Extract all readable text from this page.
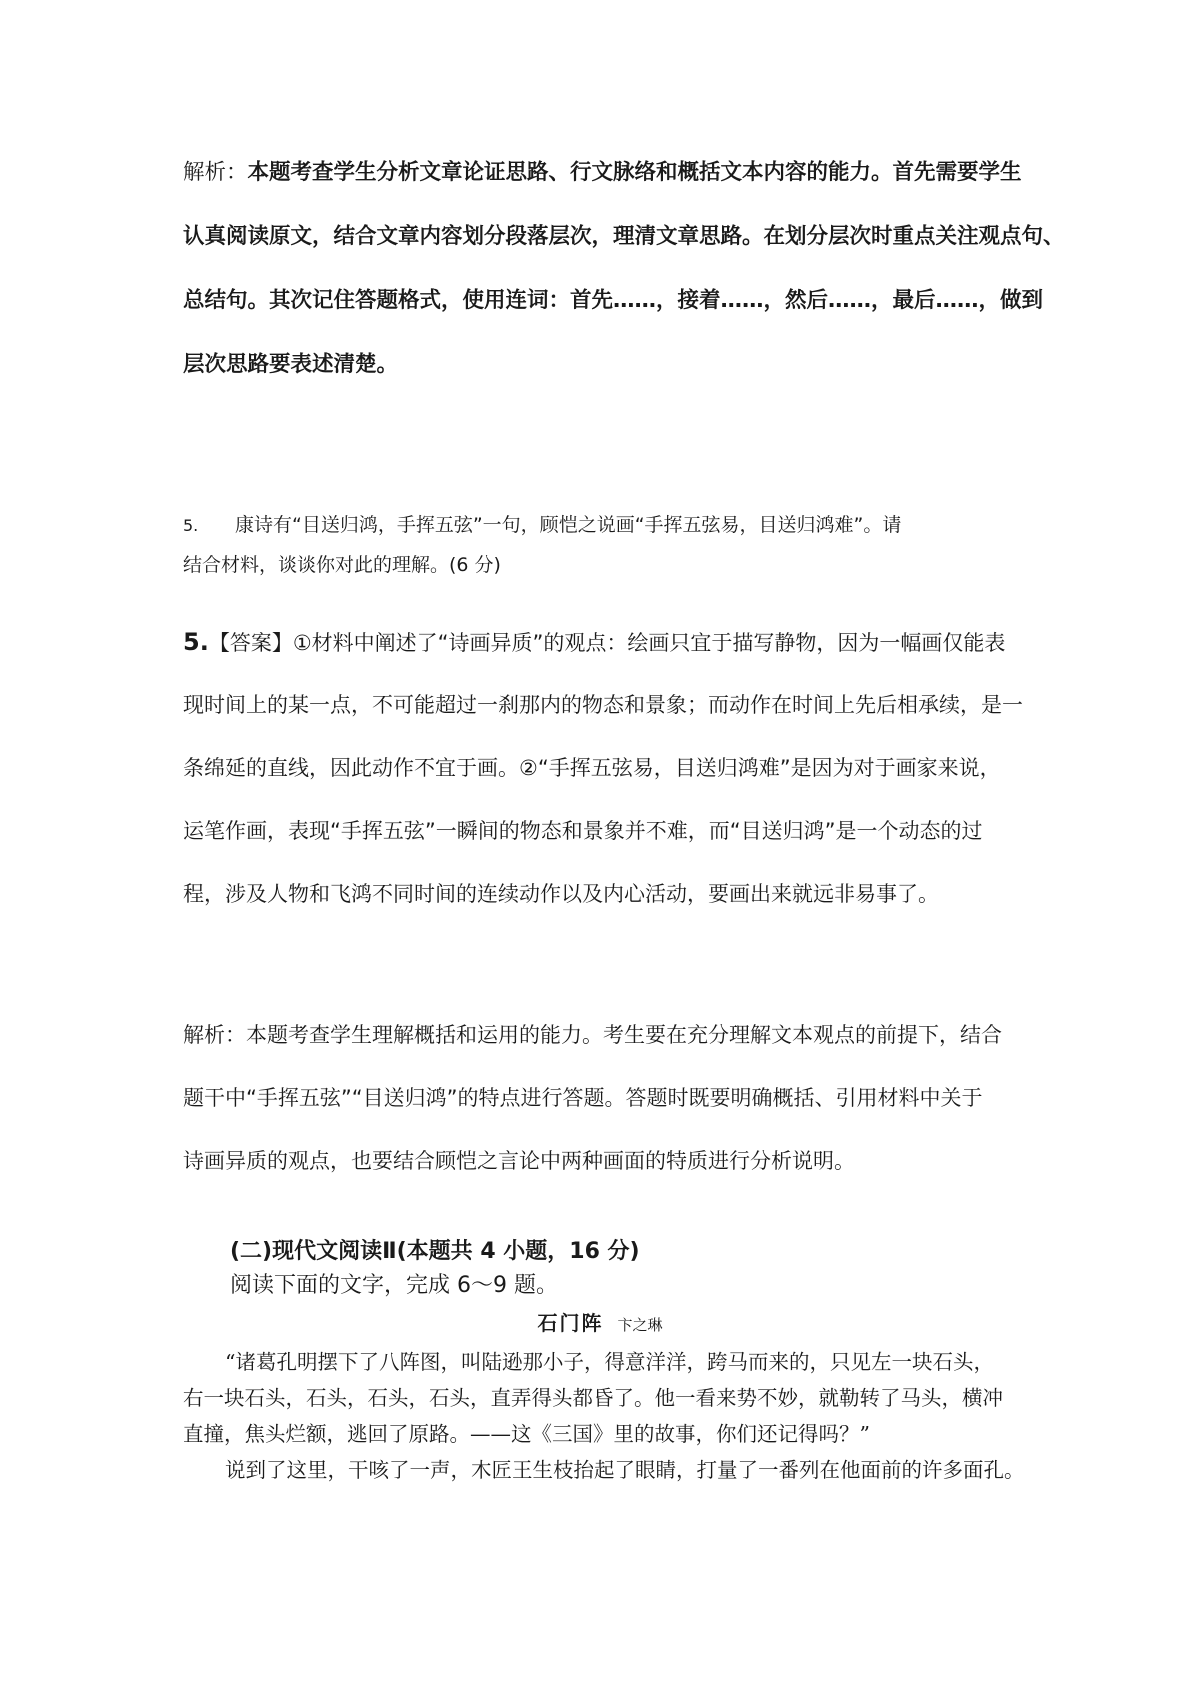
解析：本题考查学生分析文章论证思路、行文脉络和概括文本内容的能力。首先需要学生
认真阅读原文，结合文章内容划分段落层次，理清文章思路。在划分层次时重点关注观点句、
总结句。其次记住答题格式，使用连词：首先……，接着……，然后……，最后……，做到
层次思路要表述清楚。
5. 康诗有“目送归鸿，手挥五弦”一句，顾恺之说画“手挥五弦易，目送归鸿难”。请
结合材料，谈谈你对此的理解。(6 分)
5.【答案】①材料中阐述了“诗画异质”的观点：绘画只宜于描写静物，因为一幅画仅能表
现时间上的某一点，不可能超过一刹那内的物态和景象；而动作在时间上先后相承续，是一
条绵延的直线，因此动作不宜于画。②“手挥五弦易，目送归鸿难”是因为对于画家来说，
运笔作画，表现“手挥五弦”一瞬间的物态和景象并不难，而“目送归鸿”是一个动态的过
程，涉及人物和飞鸿不同时间的连续动作以及内心活动，要画出来就远非易事了。
解析：本题考查学生理解概括和运用的能力。考生要在充分理解文本观点的前提下，结合
题干中“手挥五弦”“目送归鸿”的特点进行答题。答题时既要明确概括、引用材料中关于
诗画异质的观点，也要结合顾恺之言论中两种画面的特质进行分析说明。
(二)现代文阅读Ⅱ(本题共 4 小题，16 分)
阅读下面的文字，完成 6～9 题。
石门阵 卞之琳
“诸葛孔明摆下了八阵图，叫陆逊那小子，得意洋洋，跨马而来的，只见左一块石头，
右一块石头，石头，石头，石头，直弄得头都昏了。他一看来势不妙，就勒转了马头，横冲
直撞，焦头烂额，逃回了原路。——这《三国》里的故事，你们还记得吗？”
说到了这里，干咳了一声，木匠王生枝抬起了眼睛，打量了一番列在他面前的许多面孔。
